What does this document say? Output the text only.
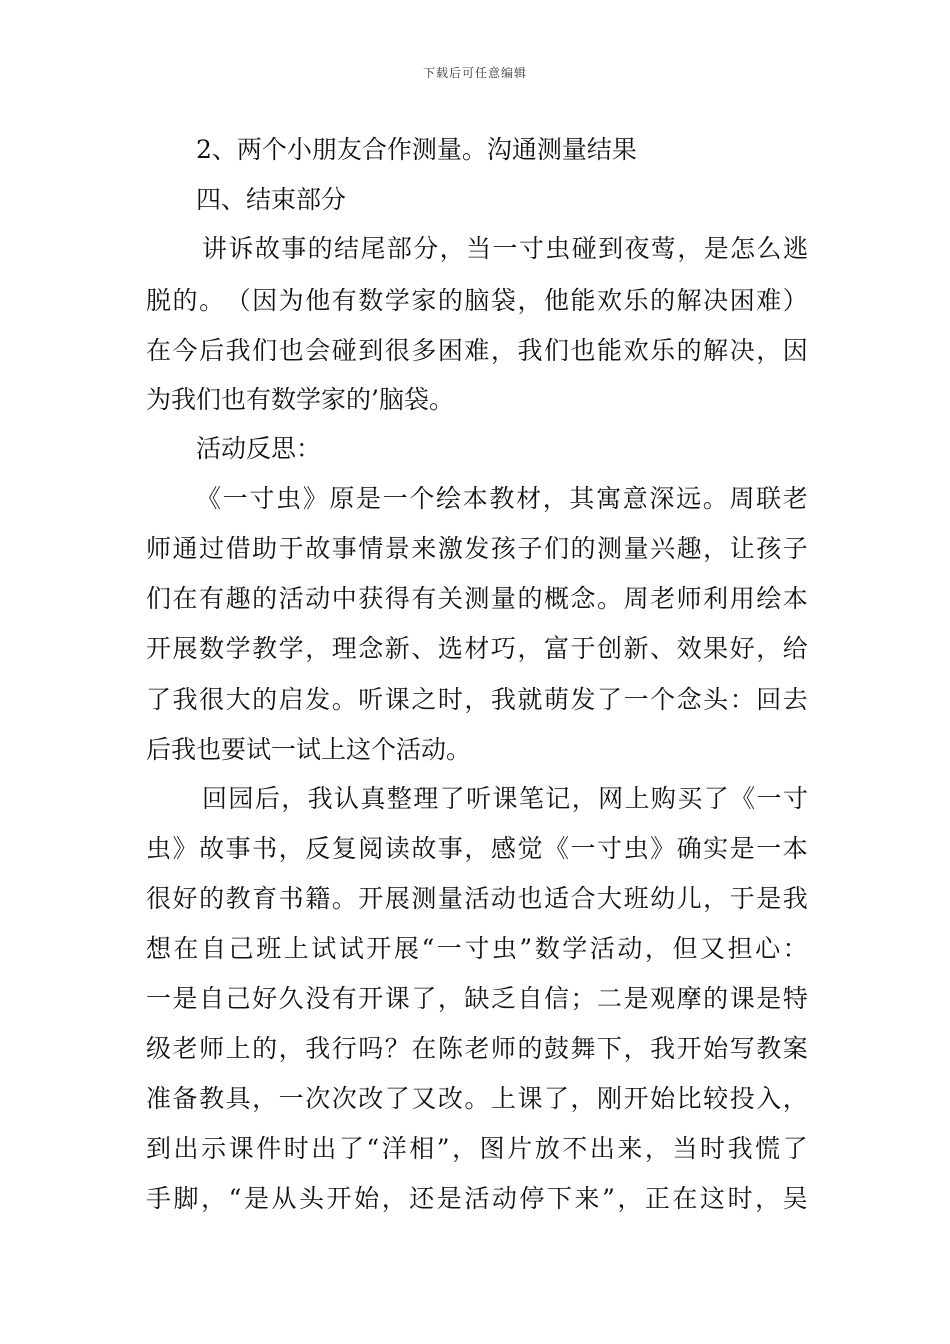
下载后可任意编辑
2、两个小朋友合作测量。沟通测量结果
四、结束部分
讲 诉 故 事 的 结 尾 部 分 ， 当 一 寸 虫 碰 到 夜 莺 ， 是 怎 么 逃
脱 的 。 （ 因 为 他 有 数 学 家 的 脑 袋 ， 他 能 欢 乐 的 解 决 困 难 ）
在 今 后 我 们 也 会 碰 到 很 多 困 难 ， 我 们 也 能 欢 乐 的 解 决 ， 因
为我们也有数学家的’脑袋。
活动反思：
《 一 寸 虫 》 原 是 一 个 绘 本 教 材 ， 其 寓 意 深 远 。 周 联 老
师 通 过 借 助 于 故 事 情 景 来 激 发 孩 子 们 的 测 量 兴 趣 ， 让 孩 子
们 在 有 趣 的 活 动 中 获 得 有 关 测 量 的 概 念 。 周 老 师 利 用 绘 本
开 展 数 学 教 学 ， 理 念 新 、 选 材 巧 ， 富 于 创 新 、 效 果 好 ， 给
了 我 很 大 的 启 发 。 听 课 之 时 ， 我 就 萌 发 了 一 个 念 头 ： 回 去
后我也要试一试上这个活动。
回 园 后 ， 我 认 真 整 理 了 听 课 笔 记 ， 网 上 购 买 了 《 一 寸
虫 》 故 事 书 ， 反 复 阅 读 故 事 ， 感 觉 《 一 寸 虫 》 确 实 是 一 本
很 好 的 教 育 书 籍 。 开 展 测 量 活 动 也 适 合 大 班 幼 儿 ， 于 是 我
想 在 自 己 班 上 试 试 开 展 “ 一 寸 虫 ” 数 学 活 动 ， 但 又 担 心 ：
一 是 自 己 好 久 没 有 开 课 了 ， 缺 乏 自 信 ； 二 是 观 摩 的 课 是 特
级 老 师 上 的 ， 我 行 吗 ？ 在 陈 老 师 的 鼓 舞 下 ， 我 开 始 写 教 案
准 备 教 具 ， 一 次 次 改 了 又 改 。 上 课 了 ， 刚 开 始 比 较 投 入 ，
到 出 示 课 件 时 出 了 “ 洋 相 ” ， 图 片 放 不 出 来 ， 当 时 我 慌 了
手 脚 ， “ 是 从 头 开 始 ， 还 是 活 动 停 下 来 ” ， 正 在 这 时 ， 吴
